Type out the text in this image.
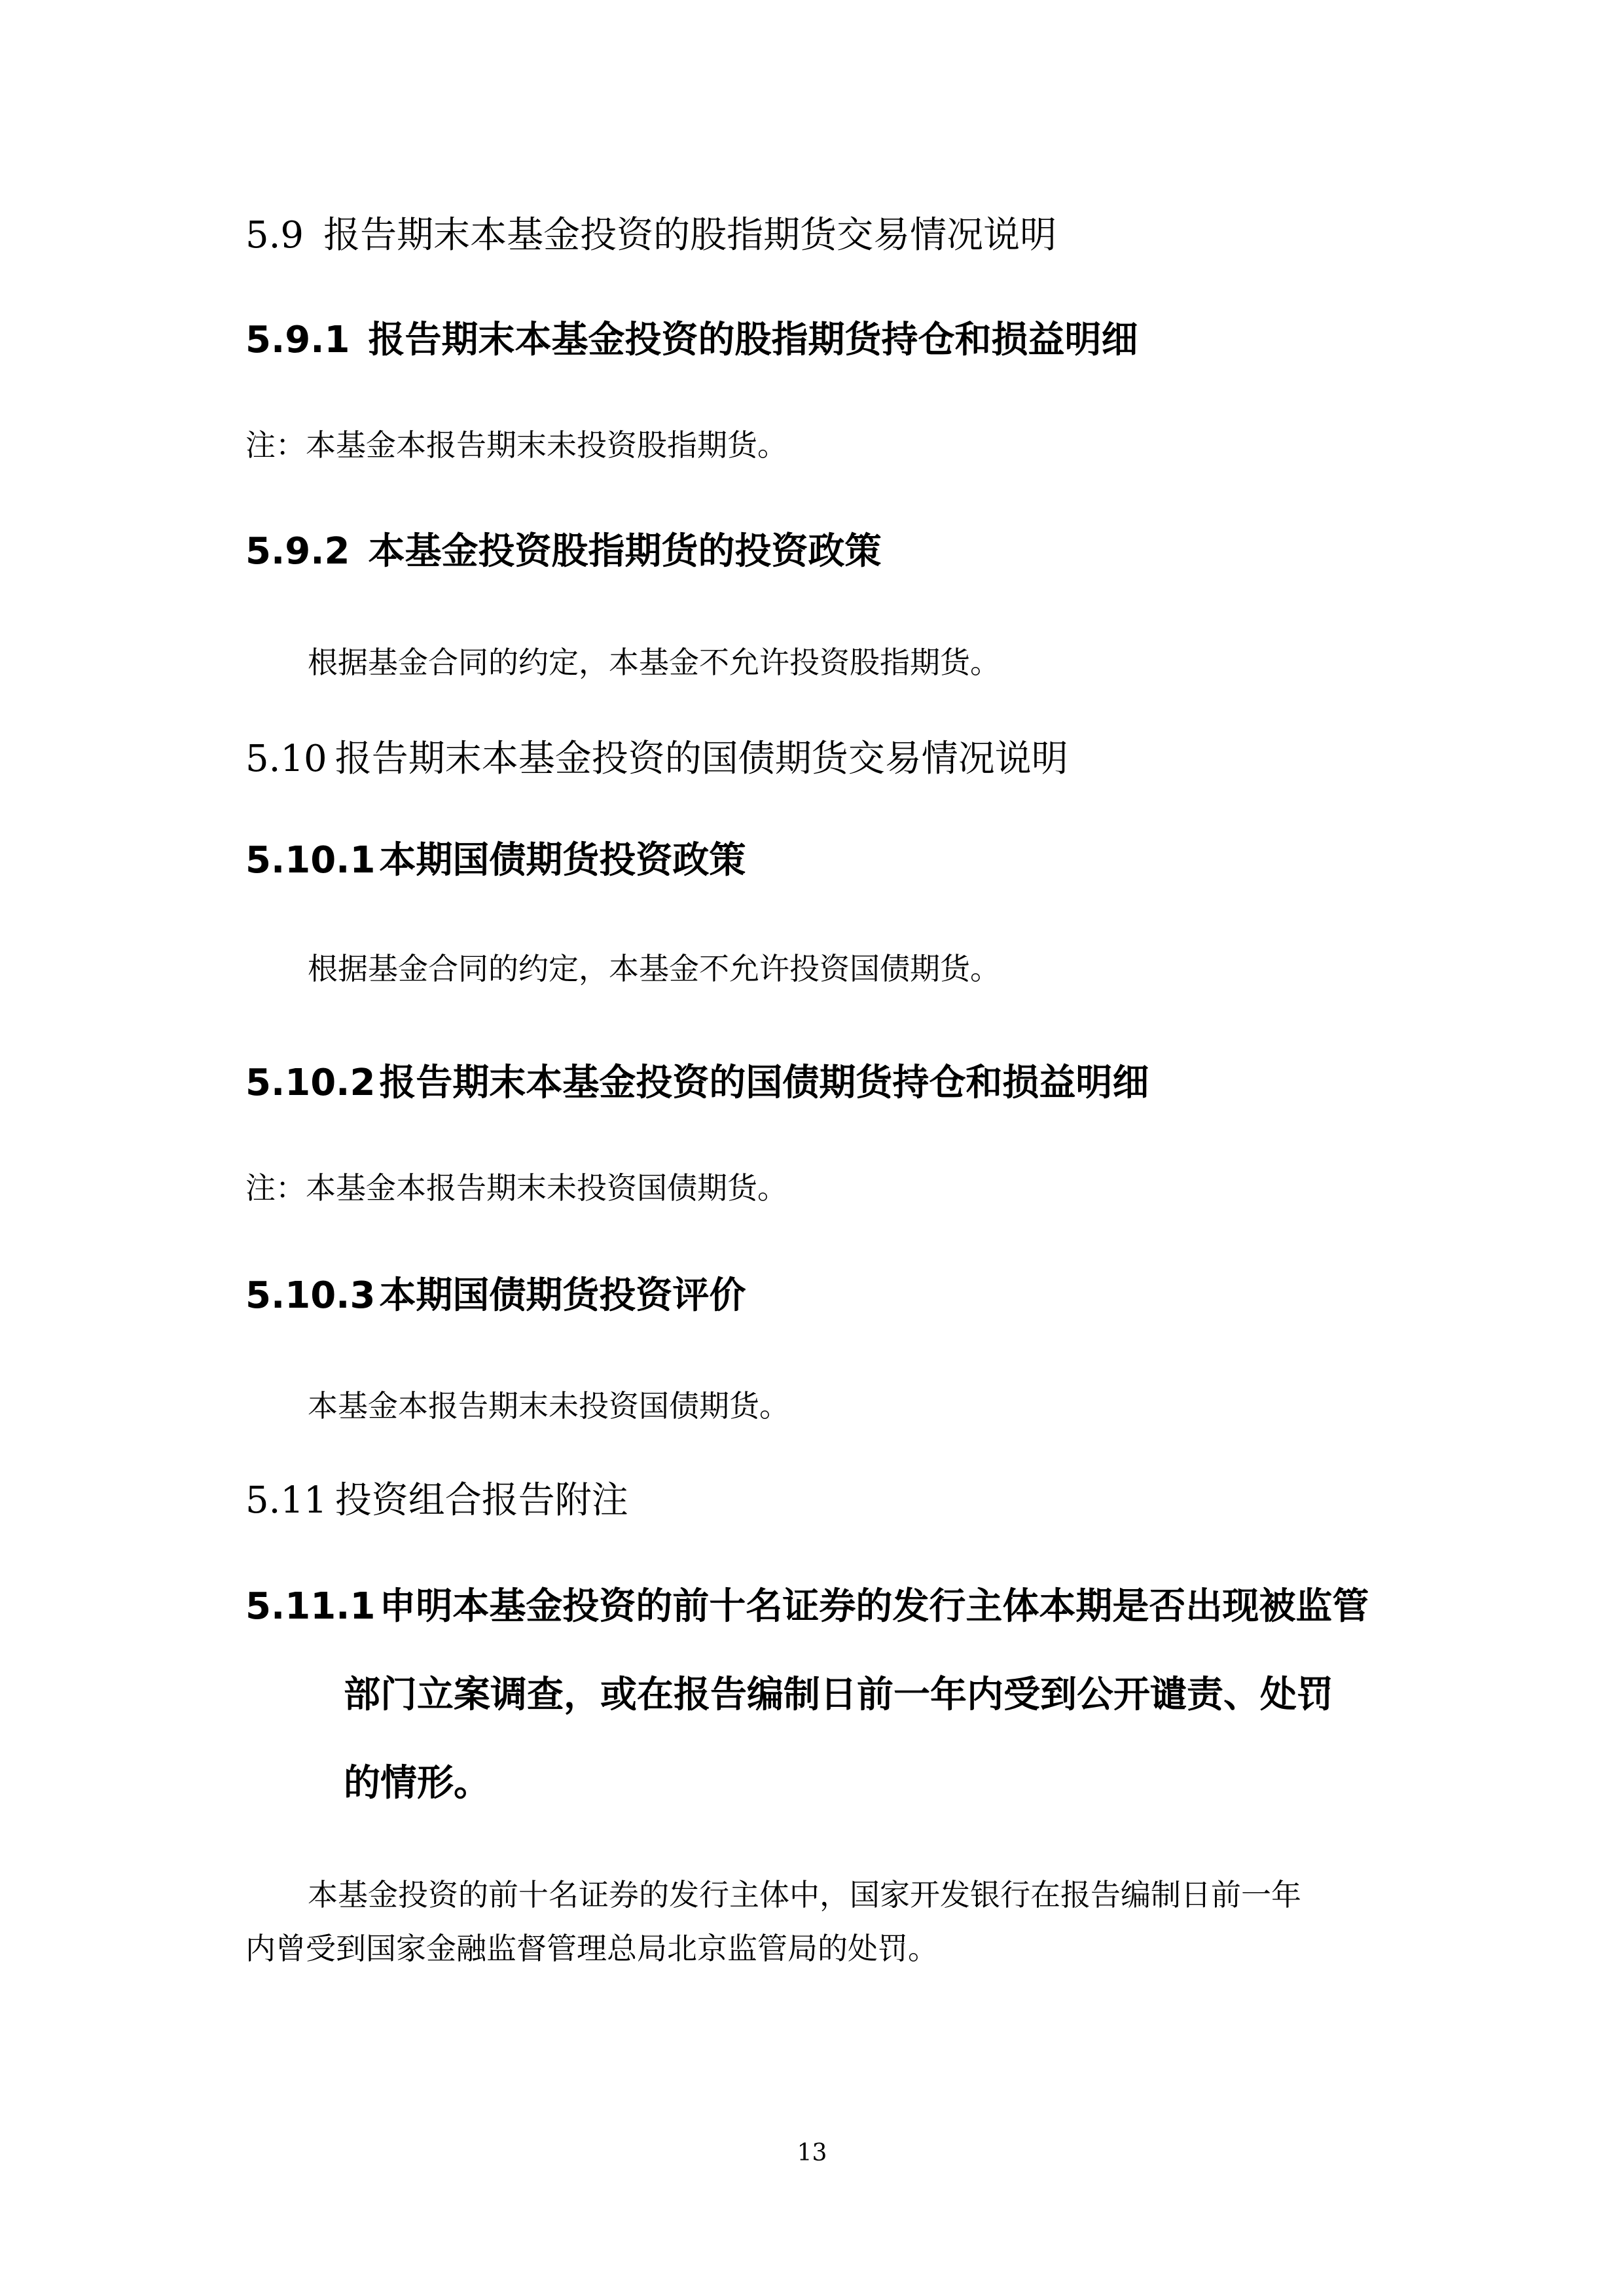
5.9 报告期末本基金投资的股指期货交易情况说明
5.9.1 报告期末本基金投资的股指期货持仓和损益明细
注：本基金本报告期末未投资股指期货。
5.9.2 本基金投资股指期货的投资政策
根据基金合同的约定，本基金不允许投资股指期货。
5.10 报告期末本基金投资的国债期货交易情况说明
5.10.1 本期国债期货投资政策
根据基金合同的约定，本基金不允许投资国债期货。
5.10.2 报告期末本基金投资的国债期货持仓和损益明细
注：本基金本报告期末未投资国债期货。
5.10.3 本期国债期货投资评价
本基金本报告期末未投资国债期货。
5.11 投资组合报告附注
5.11.1 申明本基金投资的前十名证券的发行主体本期是否出现被监管
部门立案调查，或在报告编制日前一年内受到公开谴责、处罚
的情形。
本基金投资的前十名证券的发行主体中，国家开发银行在报告编制日前一年
内曾受到国家金融监督管理总局北京监管局的处罚。
13
